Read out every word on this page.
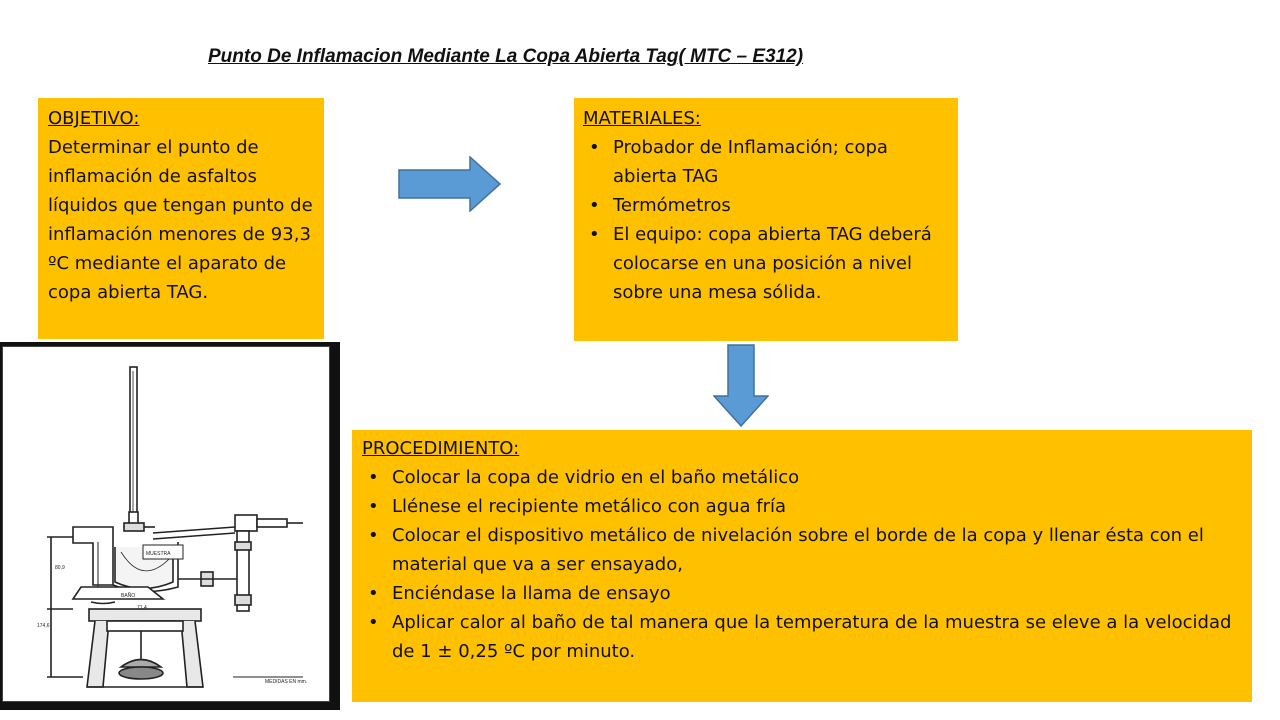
Punto De Inflamacion Mediante La Copa Abierta Tag( MTC – E312)
OBJETIVO:
Determinar el punto de inflamación de asfaltos líquidos que tengan punto de inflamación menores de 93,3 ºC mediante el aparato de copa abierta TAG.
MATERIALES:
• Probador de Inflamación; copa abierta TAG
• Termómetros
• El equipo: copa abierta TAG deberá colocarse en una posición a nivel sobre una mesa sólida.
PROCEDIMIENTO:
• Colocar la copa de vidrio en el baño metálico
• Llénese el recipiente metálico con agua fría
• Colocar el dispositivo metálico de nivelación sobre el borde de la copa y llenar ésta con el material que va a ser ensayado,
• Enciéndase la llama de ensayo
• Aplicar calor al baño de tal manera que la temperatura de la muestra se eleve a la velocidad de 1 ± 0,25 ºC por minuto.
MUESTRA
BAÑO
80,9
71,4
174,6
MEDIDAS EN mm.
